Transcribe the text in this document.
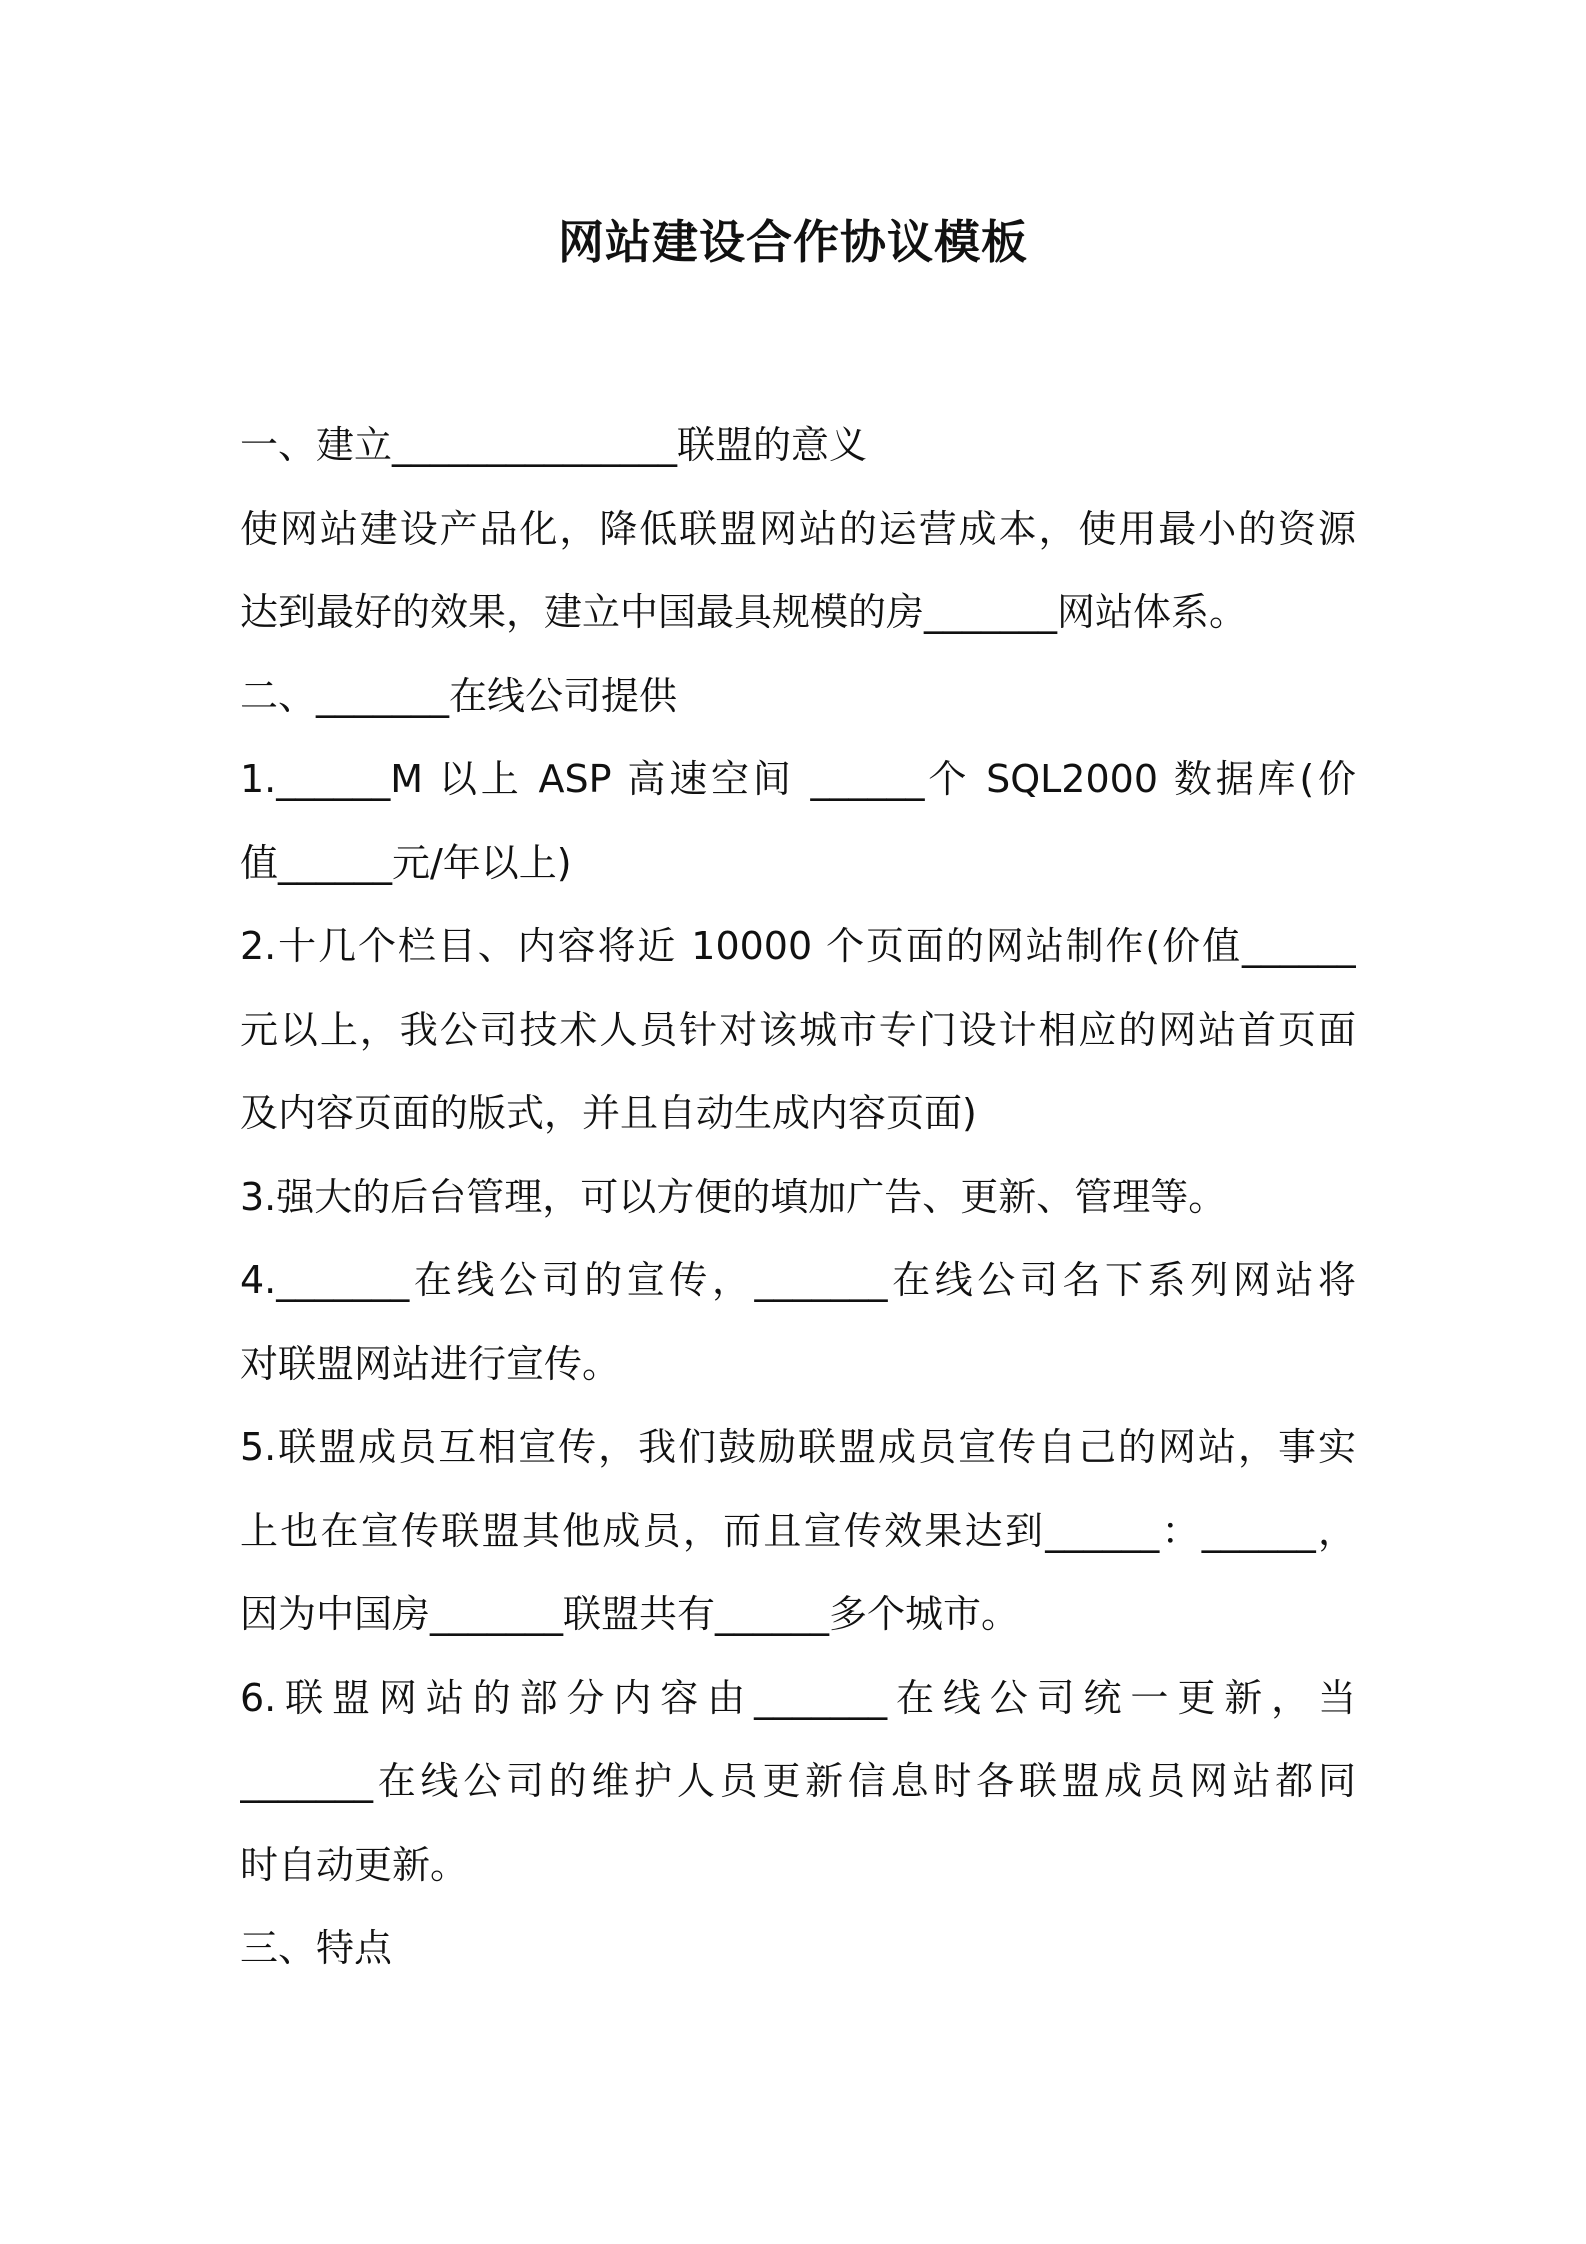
网站建设合作协议模板
一、建立_______________联盟的意义
使网站建设产品化，降低联盟网站的运营成本，使用最小的资源
达到最好的效果，建立中国最具规模的房_______网站体系。
二、_______在线公司提供
1.______M 以上 ASP 高速空间 ______个 SQL2000 数据库(价
值______元/年以上)
2.十几个栏目、内容将近 10000 个页面的网站制作(价值______
元以上，我公司技术人员针对该城市专门设计相应的网站首页面
及内容页面的版式，并且自动生成内容页面)
3.强大的后台管理，可以方便的填加广告、更新、管理等。
4._______在线公司的宣传，_______在线公司名下系列网站将
对联盟网站进行宣传。
5.联盟成员互相宣传，我们鼓励联盟成员宣传自己的网站，事实
上也在宣传联盟其他成员，而且宣传效果达到______：______，
因为中国房_______联盟共有______多个城市。
6.联盟网站的部分内容由_______在线公司统一更新，当
_______在线公司的维护人员更新信息时各联盟成员网站都同
时自动更新。
三、特点
